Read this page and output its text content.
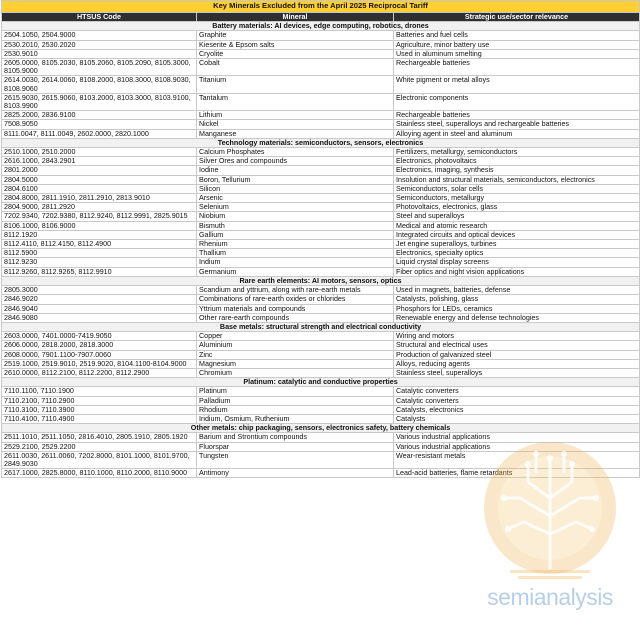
Key Minerals Excluded from the April 2025 Reciprocal Tariff		
HTSUS Code	Mineral	Strategic use/sector relevance
Battery materials: AI devices, edge computing, robotics, drones		
2504.1050, 2504.9000	Graphite	Batteries and fuel cells
2530.2010, 2530.2020	Kieserite & Epsom salts	Agriculture, minor battery use
2530.9010	Cryolite	Used in aluminum smelting
2605.0000, 8105.2030, 8105.2060, 8105.2090, 8105.3000, 8105.9000	Cobalt	Rechargeable batteries
2614.0030, 2614.0060, 8108.2000, 8108.3000, 8108.9030, 8108.9060	Titanium	White pigment or metal alloys
2615.9030, 2615.9060, 8103.2000, 8103.3000, 8103.9100, 8103.9900	Tantalum	Electronic components
2825.2000, 2836.9100	Lithium	Rechargeable batteries
7508.9050	Nickel	Stainless steel, superalloys and rechargeable batteries
8111.0047, 8111.0049, 2602.0000, 2820.1000	Manganese	Alloying agent in steel and aluminum
Technology materials: semiconductors, sensors, electronics		
2510.1000, 2510.2000	Calcium Phosphates	Fertilizers, metallurgy, semiconductors
2616.1000, 2843.2901	Silver Ores and compounds	Electronics, photovoltaics
2801.2000	Iodine	Electronics, imaging, synthesis
2804.5000	Boron, Tellurium	Insolution and structural materials, semiconductors, electronics
2804.6100	Silicon	Semiconductors, solar cells
2804.8000, 2811.1910, 2811.2910, 2813.9010	Arsenic	Semiconductors, metallurgy
2804.9000, 2811.2920	Selenium	Photovoltaics, electronics, glass
7202.9340, 7202.9380, 8112.9240, 8112.9991, 2825.9015	Niobium	Steel and superalloys
8106.1000, 8106.9000	Bismuth	Medical and atomic research
8112.1920	Gallium	Integrated circuits and optical devices
8112.4110, 8112.4150, 8112.4900	Rhenium	Jet engine superalloys, turbines
8112.5900	Thallium	Electronics, specialty optics
8112.9230	Indium	Liquid crystal display screens
8112.9260, 8112.9265, 8112.9910	Germanium	Fiber optics and night vision applications
Rare earth elements: AI motors, sensors, optics		
2805.3000	Scandium and yttrium, along with rare-earth metals	Used in magnets, batteries, defense
2846.9020	Combinations of rare-earth oxides or chlorides	Catalysts, polishing, glass
2846.9040	Yttrium materials and compounds	Phosphors for LEDs, ceramics
2846.9080	Other rare-earth compounds	Renewable energy and defense technologies
Base metals: structural strength and electrical conductivity		
2603.0000, 7401.0000-7419.9050	Copper	Wiring and motors
2606.0000, 2818.2000, 2818.3000	Aluminium	Structural and electrical uses
2608.0000, 7901.1100-7907.0060	Zinc	Production of galvanized steel
2519.1000, 2519.9010, 2519.9020, 8104.1100-8104.9000	Magnesium	Alloys, reducing agents
2610.0000, 8112.2100, 8112.2200, 8112.2900	Chromium	Stainless steel, superalloys
Platinum: catalytic and conductive properties		
7110.1100, 7110.1900	Platinum	Catalytic converters
7110.2100, 7110.2900	Palladium	Catalytic converters
7110.3100, 7110.3900	Rhodium	Catalysts, electronics
7110.4100, 7110.4900	Iridium, Osmium, Ruthenium	Catalysts
Other metals: chip packaging, sensors, electronics safety, battery chemicals		
2511.1010, 2511.1050, 2816.4010, 2805.1910, 2805.1920	Barium and Strontium compounds	Various industrial applications
2529.2100, 2529.2200	Fluorspar	Various industrial applications
2611.0030, 2611.0060, 7202.8000, 8101.1000, 8101.9700, 2849.9030	Tungsten	Wear-resistant metals
2617.1000, 2825.8000, 8110.1000, 8110.2000, 8110.9000	Antimony	Lead-acid batteries, flame retardants
semianalysis
